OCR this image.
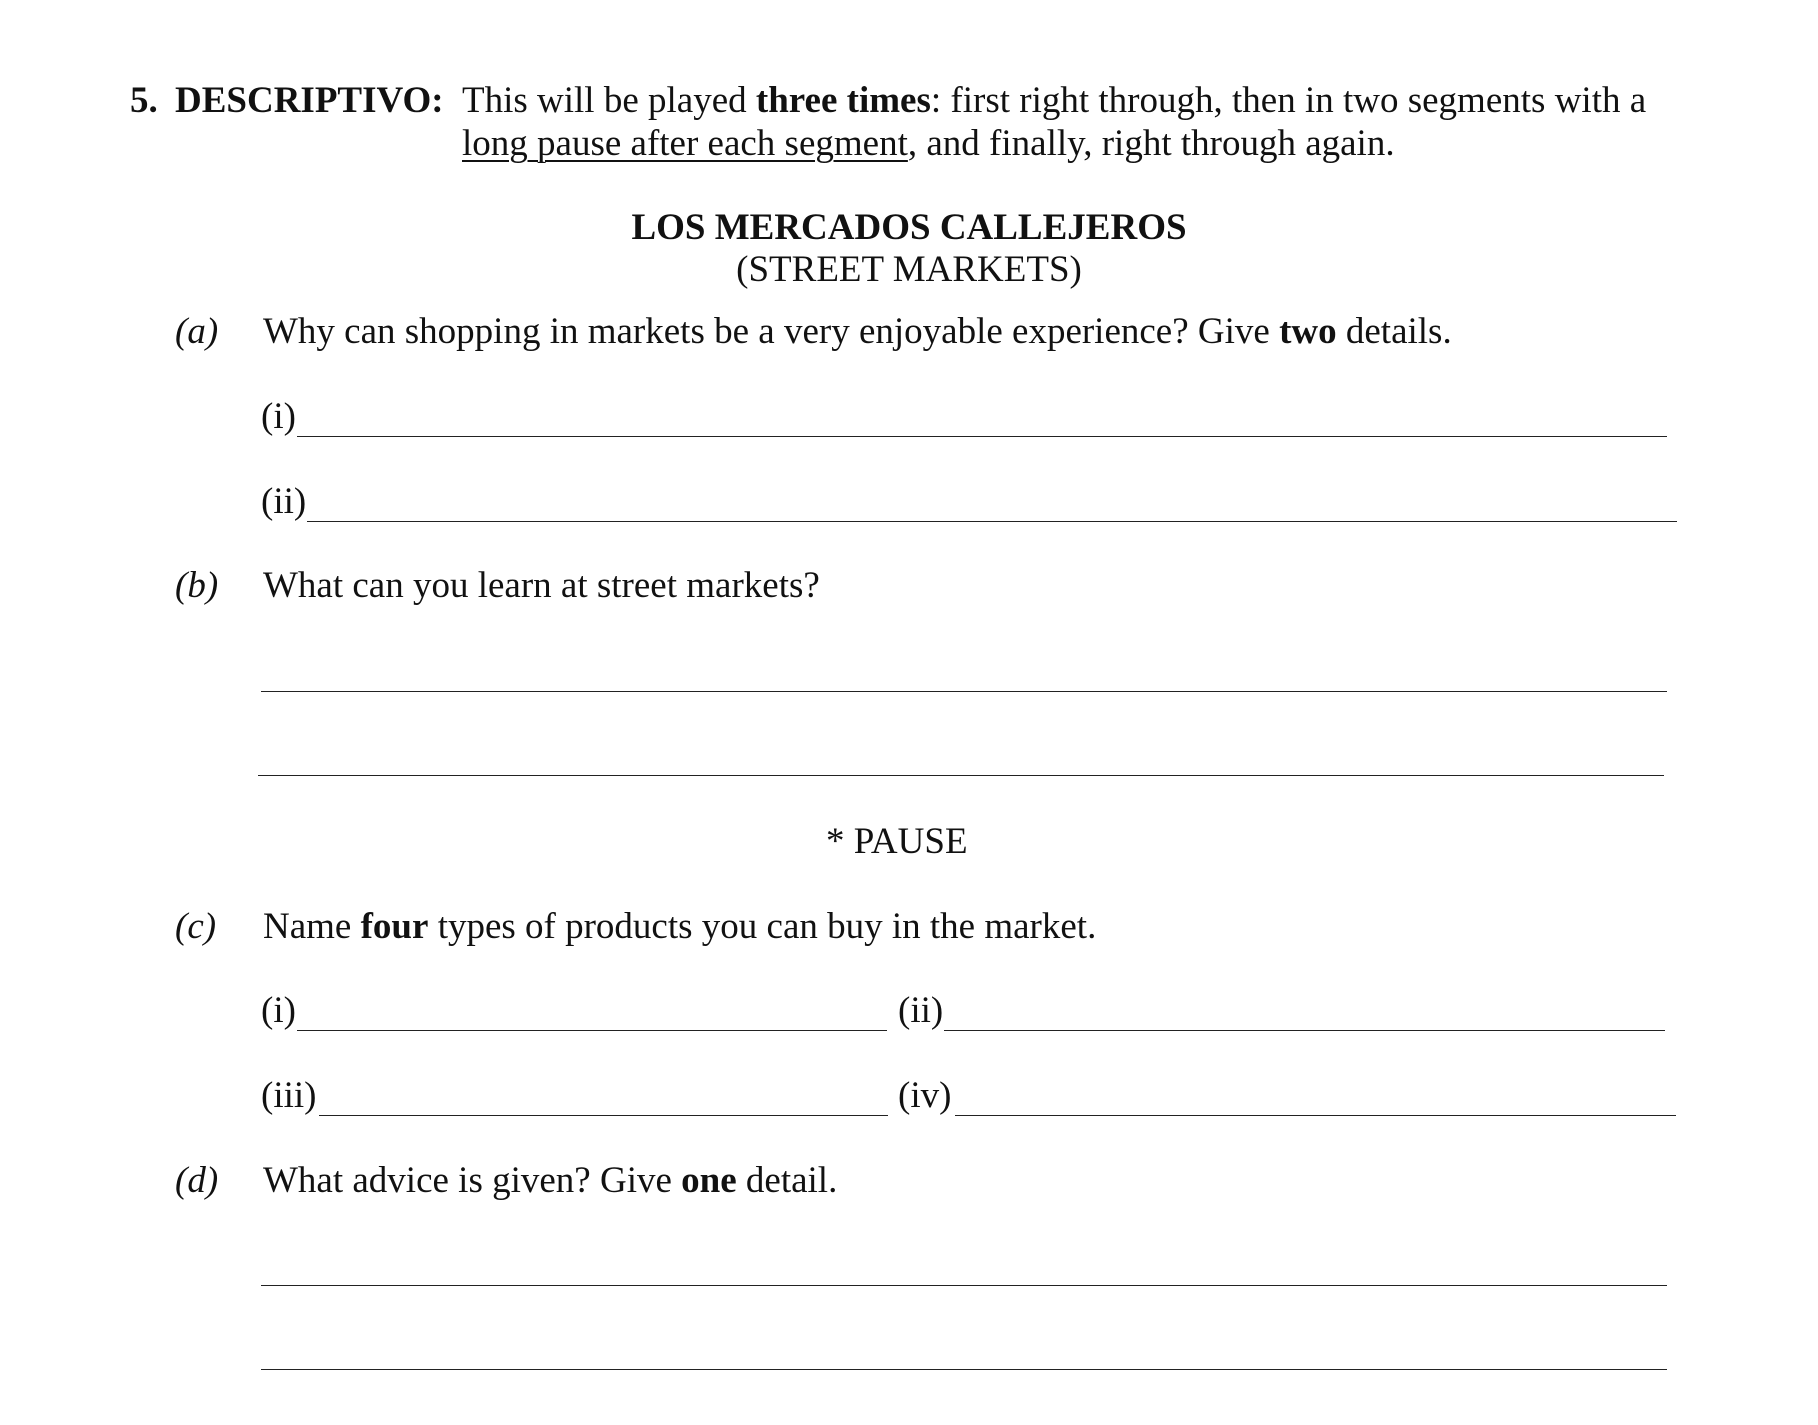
5. DESCRIPTIVO: This will be played three times: first right through, then in two segments with a
long pause after each segment, and finally, right through again.
LOS MERCADOS CALLEJEROS
(STREET MARKETS)
(a) Why can shopping in markets be a very enjoyable experience? Give two details.
(i)
(ii)
(b) What can you learn at street markets?
* PAUSE
(c) Name four types of products you can buy in the market.
(i)	(ii)
(iii)	(iv)
(d) What advice is given? Give one detail.
